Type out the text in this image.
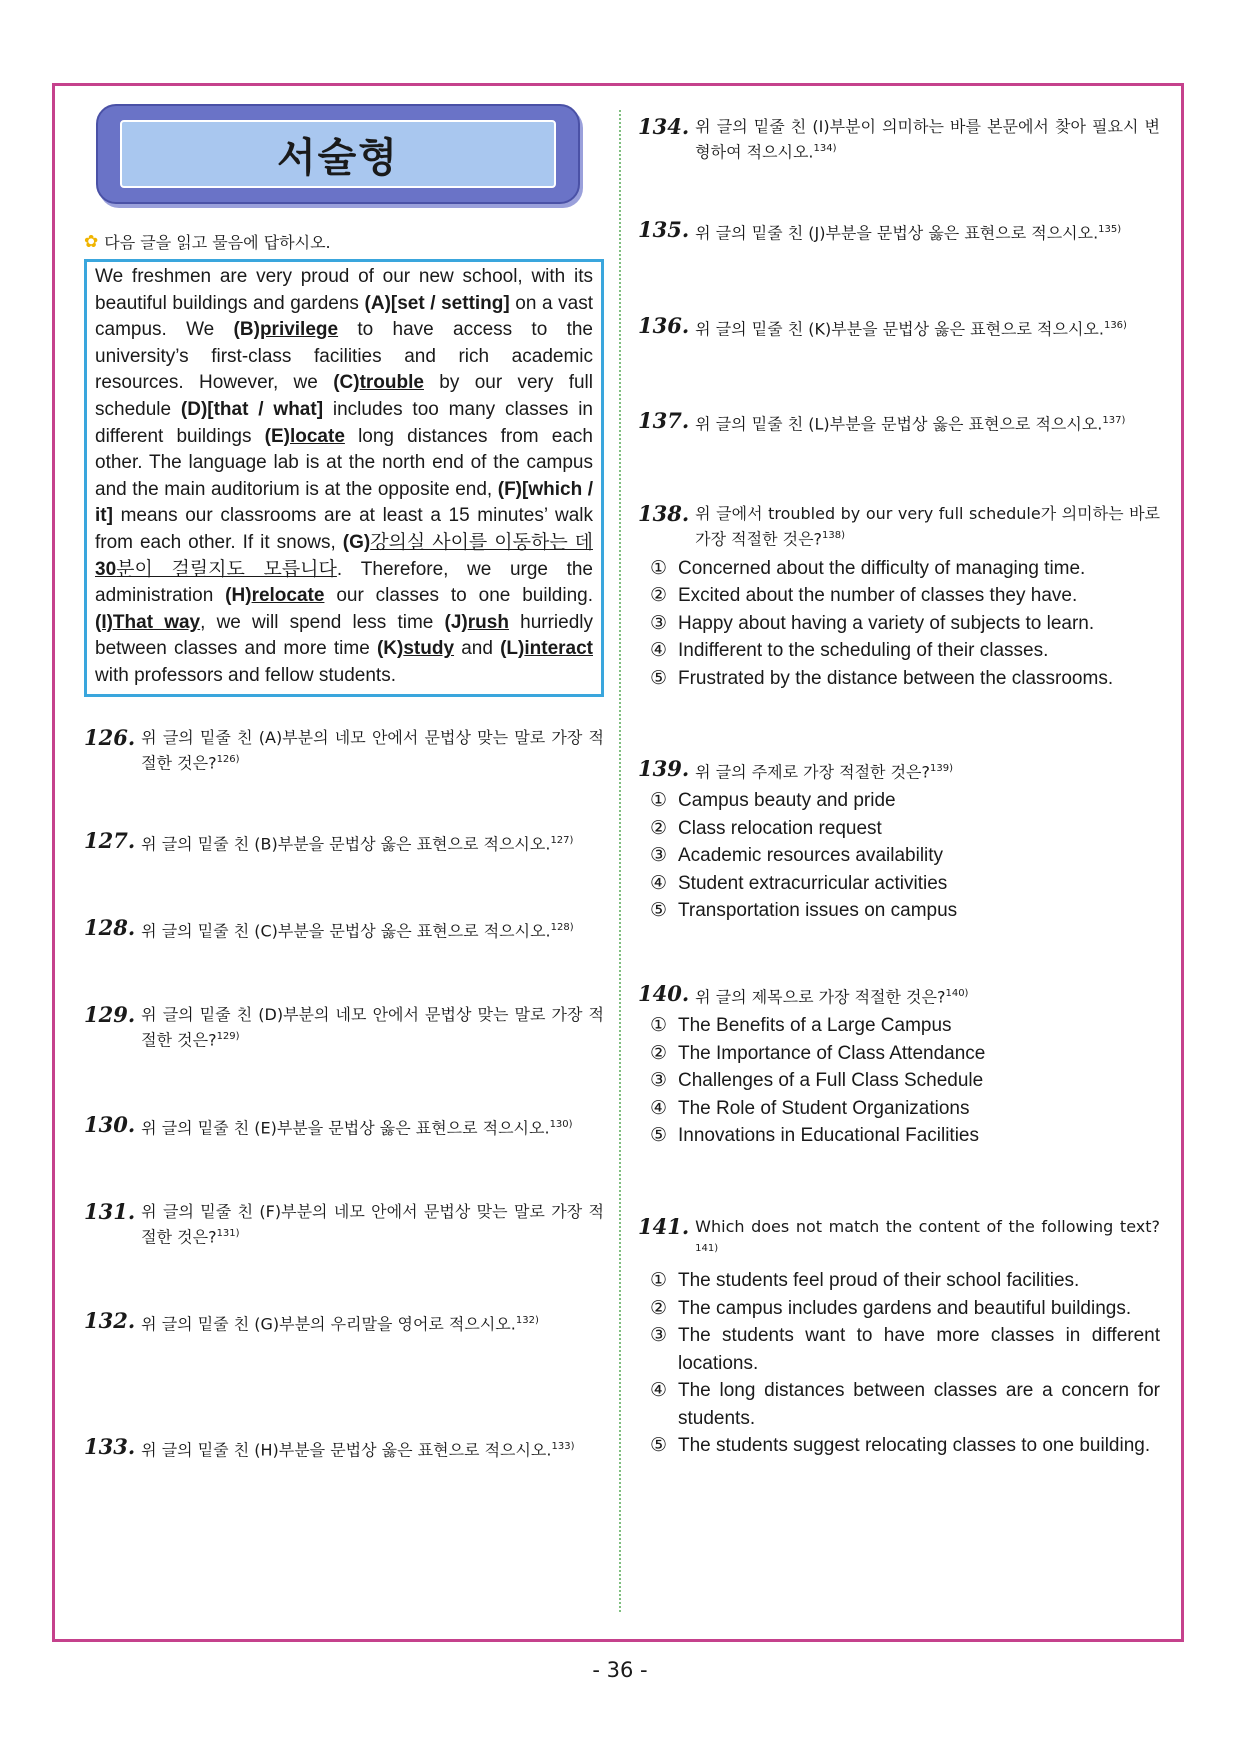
서술형
✿ 다음 글을 읽고 물음에 답하시오.
We freshmen are very proud of our new school, with its beautiful buildings and gardens (A)[set / setting] on a vast campus. We (B)privilege to have access to the university’s first-class facilities and rich academic resources. However, we (C)trouble by our very full schedule (D)[that / what] includes too many classes in different buildings (E)locate long distances from each other. The language lab is at the north end of the campus and the main auditorium is at the opposite end, (F)[which / it] means our classrooms are at least a 15 minutes’ walk from each other. If it snows, (G)강의실 사이를 이동하는 데 30분이 걸릴지도 모릅니다. Therefore, we urge the administration (H)relocate our classes to one building. (I)That way, we will spend less time (J)rush hurriedly between classes and more time (K)study and (L)interact with professors and fellow students.
126. 위 글의 밑줄 친 (A)부분의 네모 안에서 문법상 맞는 말로 가장 적절한 것은?$^{126)}$
127. 위 글의 밑줄 친 (B)부분을 문법상 옳은 표현으로 적으시오.$^{127)}$
128. 위 글의 밑줄 친 (C)부분을 문법상 옳은 표현으로 적으시오.$^{128)}$
129. 위 글의 밑줄 친 (D)부분의 네모 안에서 문법상 맞는 말로 가장 적절한 것은?$^{129)}$
130. 위 글의 밑줄 친 (E)부분을 문법상 옳은 표현으로 적으시오.$^{130)}$
131. 위 글의 밑줄 친 (F)부분의 네모 안에서 문법상 맞는 말로 가장 적절한 것은?$^{131)}$
132. 위 글의 밑줄 친 (G)부분의 우리말을 영어로 적으시오.$^{132)}$
133. 위 글의 밑줄 친 (H)부분을 문법상 옳은 표현으로 적으시오.$^{133)}$
134. 위 글의 밑줄 친 (I)부분이 의미하는 바를 본문에서 찾아 필요시 변형하여 적으시오.$^{134)}$
135. 위 글의 밑줄 친 (J)부분을 문법상 옳은 표현으로 적으시오.$^{135)}$
136. 위 글의 밑줄 친 (K)부분을 문법상 옳은 표현으로 적으시오.$^{136)}$
137. 위 글의 밑줄 친 (L)부분을 문법상 옳은 표현으로 적으시오.$^{137)}$
138. 위 글에서 troubled by our very full schedule가 의미하는 바로 가장 적절한 것은?$^{138)}$
① Concerned about the difficulty of managing time.
② Excited about the number of classes they have.
③ Happy about having a variety of subjects to learn.
④ Indifferent to the scheduling of their classes.
⑤ Frustrated by the distance between the classrooms.
139. 위 글의 주제로 가장 적절한 것은?$^{139)}$
① Campus beauty and pride
② Class relocation request
③ Academic resources availability
④ Student extracurricular activities
⑤ Transportation issues on campus
140. 위 글의 제목으로 가장 적절한 것은?$^{140)}$
① The Benefits of a Large Campus
② The Importance of Class Attendance
③ Challenges of a Full Class Schedule
④ The Role of Student Organizations
⑤ Innovations in Educational Facilities
141. Which does not match the content of the following text?$^{141)}$
① The students feel proud of their school facilities.
② The campus includes gardens and beautiful buildings.
③ The students want to have more classes in different locations.
④ The long distances between classes are a concern for students.
⑤ The students suggest relocating classes to one building.
- 36 -
